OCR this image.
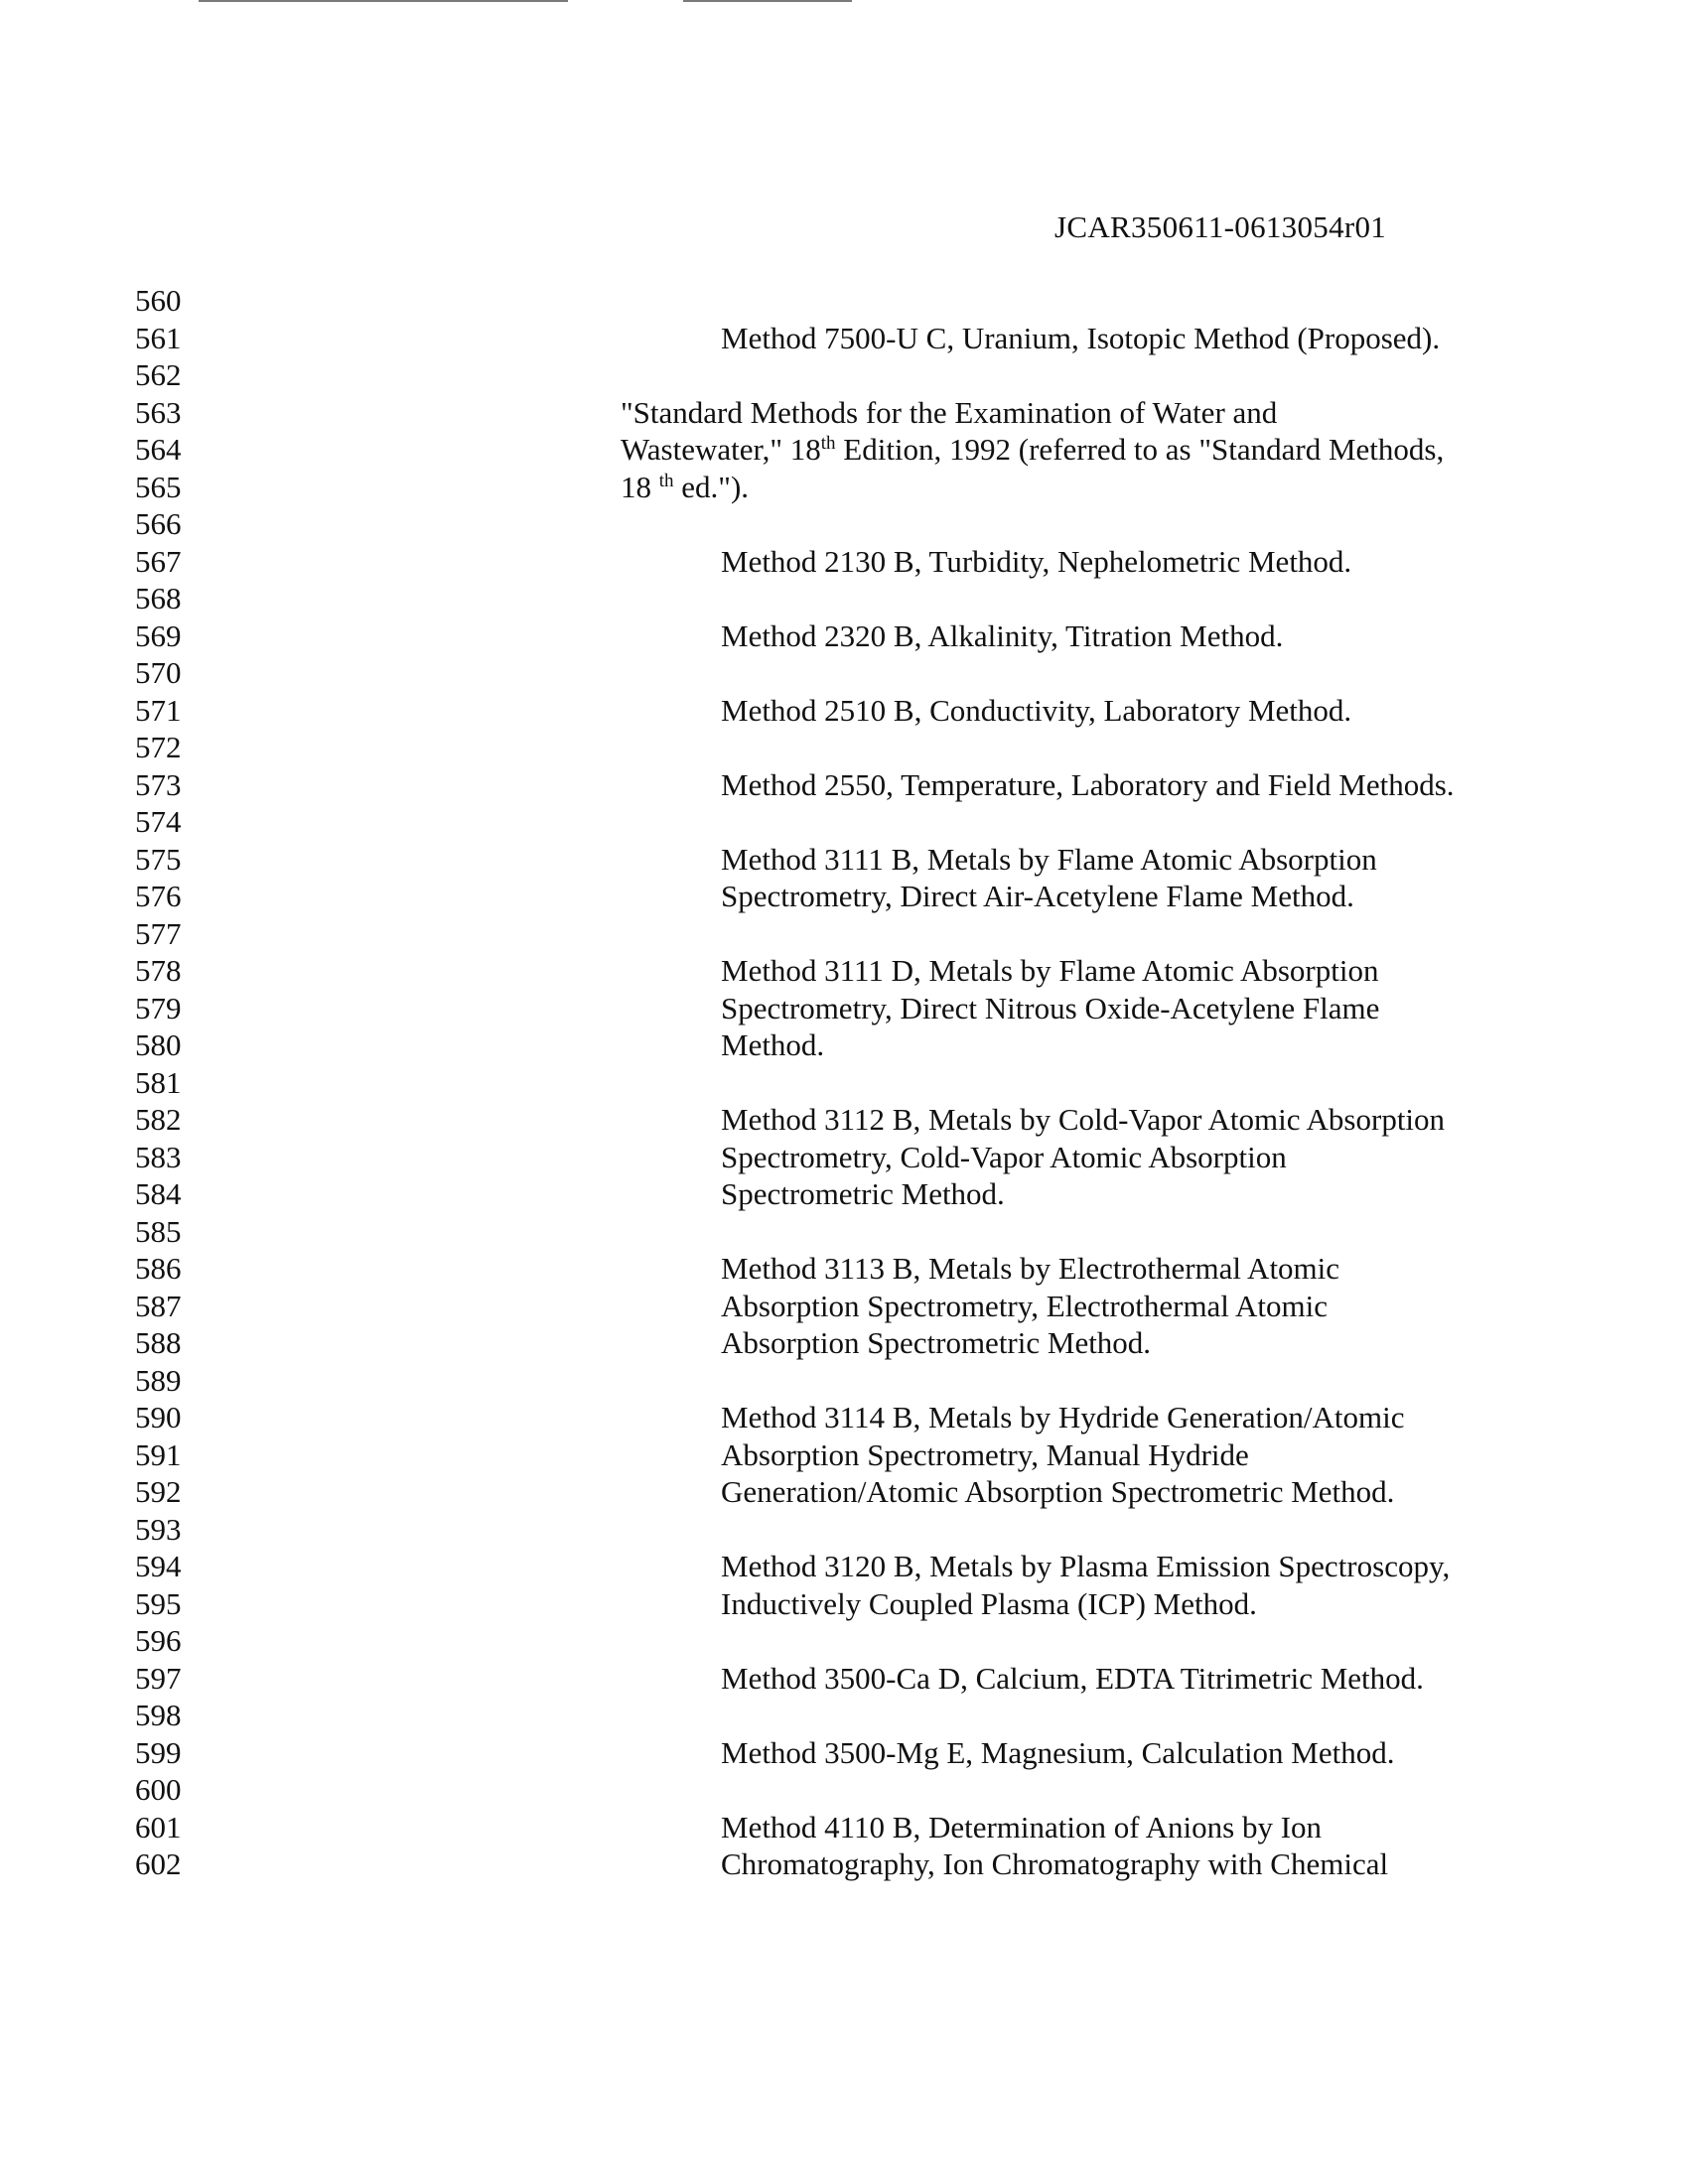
JCAR350611-0613054r01
560
561	Method 7500-U C, Uranium, Isotopic Method (Proposed).
562
563	"Standard Methods for the Examination of Water and
564	Wastewater," 18th Edition, 1992 (referred to as "Standard Methods,
565	18 $^{th}$ ed.").
566
567	Method 2130 B, Turbidity, Nephelometric Method.
568
569	Method 2320 B, Alkalinity, Titration Method.
570
571	Method 2510 B, Conductivity, Laboratory Method.
572
573	Method 2550, Temperature, Laboratory and Field Methods.
574
575	Method 3111 B, Metals by Flame Atomic Absorption
576	Spectrometry, Direct Air-Acetylene Flame Method.
577
578	Method 3111 D, Metals by Flame Atomic Absorption
579	Spectrometry, Direct Nitrous Oxide-Acetylene Flame
580	Method.
581
582	Method 3112 B, Metals by Cold-Vapor Atomic Absorption
583	Spectrometry, Cold-Vapor Atomic Absorption
584	Spectrometric Method.
585
586	Method 3113 B, Metals by Electrothermal Atomic
587	Absorption Spectrometry, Electrothermal Atomic
588	Absorption Spectrometric Method.
589
590	Method 3114 B, Metals by Hydride Generation/Atomic
591	Absorption Spectrometry, Manual Hydride
592	Generation/Atomic Absorption Spectrometric Method.
593
594	Method 3120 B, Metals by Plasma Emission Spectroscopy,
595	Inductively Coupled Plasma (ICP) Method.
596
597	Method 3500-Ca D, Calcium, EDTA Titrimetric Method.
598
599	Method 3500-Mg E, Magnesium, Calculation Method.
600
601	Method 4110 B, Determination of Anions by Ion
602	Chromatography, Ion Chromatography with Chemical
